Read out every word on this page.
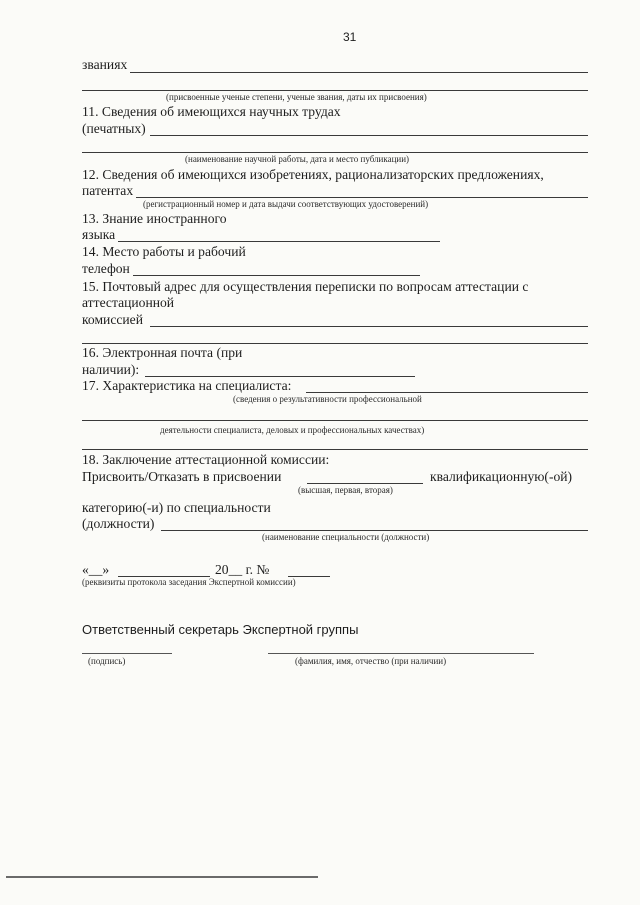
31
званиях
(присвоенные ученые степени, ученые звания, даты их присвоения)
11. Сведения об имеющихся научных трудах
(печатных)
(наименование научной работы, дата и место публикации)
12. Сведения об имеющихся изобретениях, рационализаторских предложениях,
патентах
(регистрационный номер и дата выдачи соответствующих удостоверений)
13. Знание иностранного
языка
14. Место работы и рабочий
телефон
15. Почтовый адрес для осуществления переписки по вопросам аттестации с
аттестационной
комиссией
16. Электронная почта (при
наличии):
17. Характеристика на специалиста:
(сведения о результативности профессиональной
деятельности специалиста, деловых и профессиональных качествах)
18. Заключение аттестационной комиссии:
Присвоить/Отказать в присвоении	квалификационную(-ой)
(высшая, первая, вторая)
категорию(-и) по специальности
(должности)
(наименование специальности (должности)
«__»	20__ г. №
(реквизиты протокола заседания Экспертной комиссии)
Ответственный секретарь Экспертной группы
(подпись)	(фамилия, имя, отчество (при наличии)
